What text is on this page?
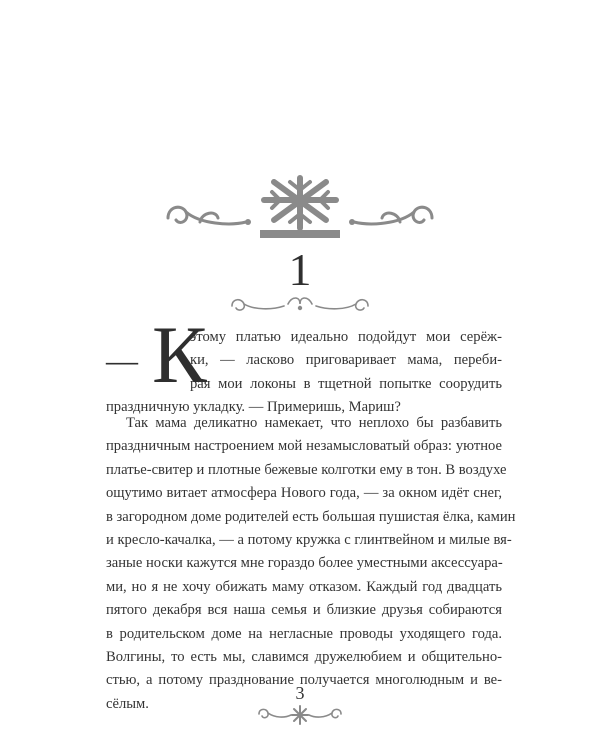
1
— К
этому платью идеально подойдут мои серёж-
ки, — ласково приговаривает мама, переби-
рая мои локоны в тщетной попытке соорудить
праздничную укладку. — Примеришь, Мариш?
Так мама деликатно намекает, что неплохо бы разбавить
праздничным настроением мой незамысловатый образ: уютное
платье-свитер и плотные бежевые колготки ему в тон. В воздухе
ощутимо витает атмосфера Нового года, — за окном идёт снег,
в загородном доме родителей есть большая пушистая ёлка, камин
и кресло-качалка, — а потому кружка с глинтвейном и милые вя-
заные носки кажутся мне гораздо более уместными аксессуара-
ми, но я не хочу обижать маму отказом. Каждый год двадцать
пятого декабря вся наша семья и близкие друзья собираются
в родительском доме на негласные проводы уходящего года.
Волгины, то есть мы, славимся дружелюбием и общительно-
стью, а потому празднование получается многолюдным и ве-
сёлым.
3
